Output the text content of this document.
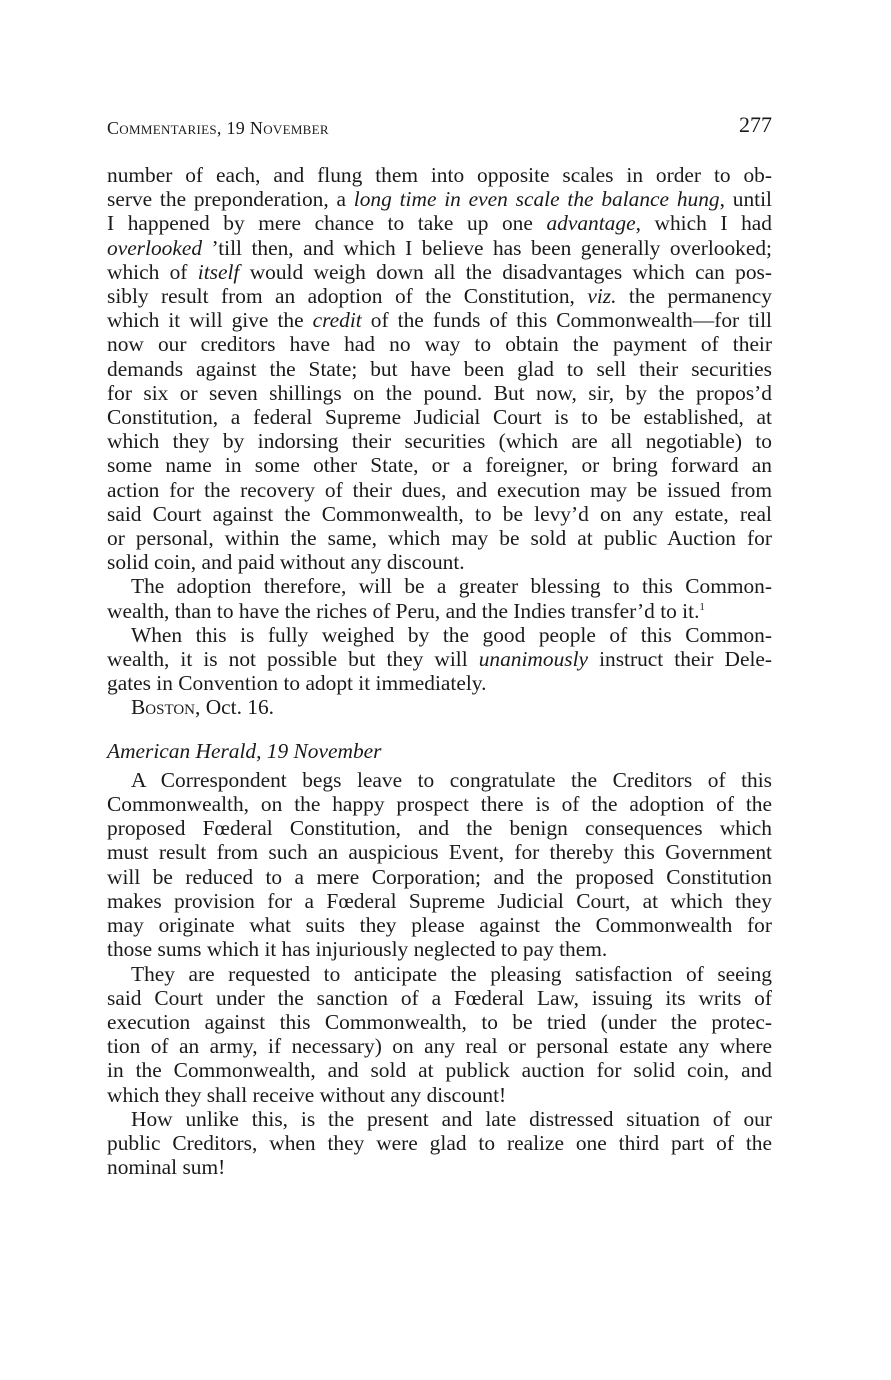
Commentaries, 19 November	277
number of each, and flung them into opposite scales in order to ob-
serve the preponderation, a long time in even scale the balance hung, until
I happened by mere chance to take up one advantage, which I had
overlooked ’till then, and which I believe has been generally overlooked;
which of itself would weigh down all the disadvantages which can pos-
sibly result from an adoption of the Constitution, viz. the permanency
which it will give the credit of the funds of this Commonwealth—for till
now our creditors have had no way to obtain the payment of their
demands against the State; but have been glad to sell their securities
for six or seven shillings on the pound. But now, sir, by the propos’d
Constitution, a federal Supreme Judicial Court is to be established, at
which they by indorsing their securities (which are all negotiable) to
some name in some other State, or a foreigner, or bring forward an
action for the recovery of their dues, and execution may be issued from
said Court against the Commonwealth, to be levy’d on any estate, real
or personal, within the same, which may be sold at public Auction for
solid coin, and paid without any discount.
The adoption therefore, will be a greater blessing to this Common-
wealth, than to have the riches of Peru, and the Indies transfer’d to it.$^1$
When this is fully weighed by the good people of this Common-
wealth, it is not possible but they will unanimously instruct their Dele-
gates in Convention to adopt it immediately.
Boston, Oct. 16.
American Herald, 19 November
A Correspondent begs leave to congratulate the Creditors of this
Commonwealth, on the happy prospect there is of the adoption of the
proposed Fœderal Constitution, and the benign consequences which
must result from such an auspicious Event, for thereby this Government
will be reduced to a mere Corporation; and the proposed Constitution
makes provision for a Fœderal Supreme Judicial Court, at which they
may originate what suits they please against the Commonwealth for
those sums which it has injuriously neglected to pay them.
They are requested to anticipate the pleasing satisfaction of seeing
said Court under the sanction of a Fœderal Law, issuing its writs of
execution against this Commonwealth, to be tried (under the protec-
tion of an army, if necessary) on any real or personal estate any where
in the Commonwealth, and sold at publick auction for solid coin, and
which they shall receive without any discount!
How unlike this, is the present and late distressed situation of our
public Creditors, when they were glad to realize one third part of the
nominal sum!
